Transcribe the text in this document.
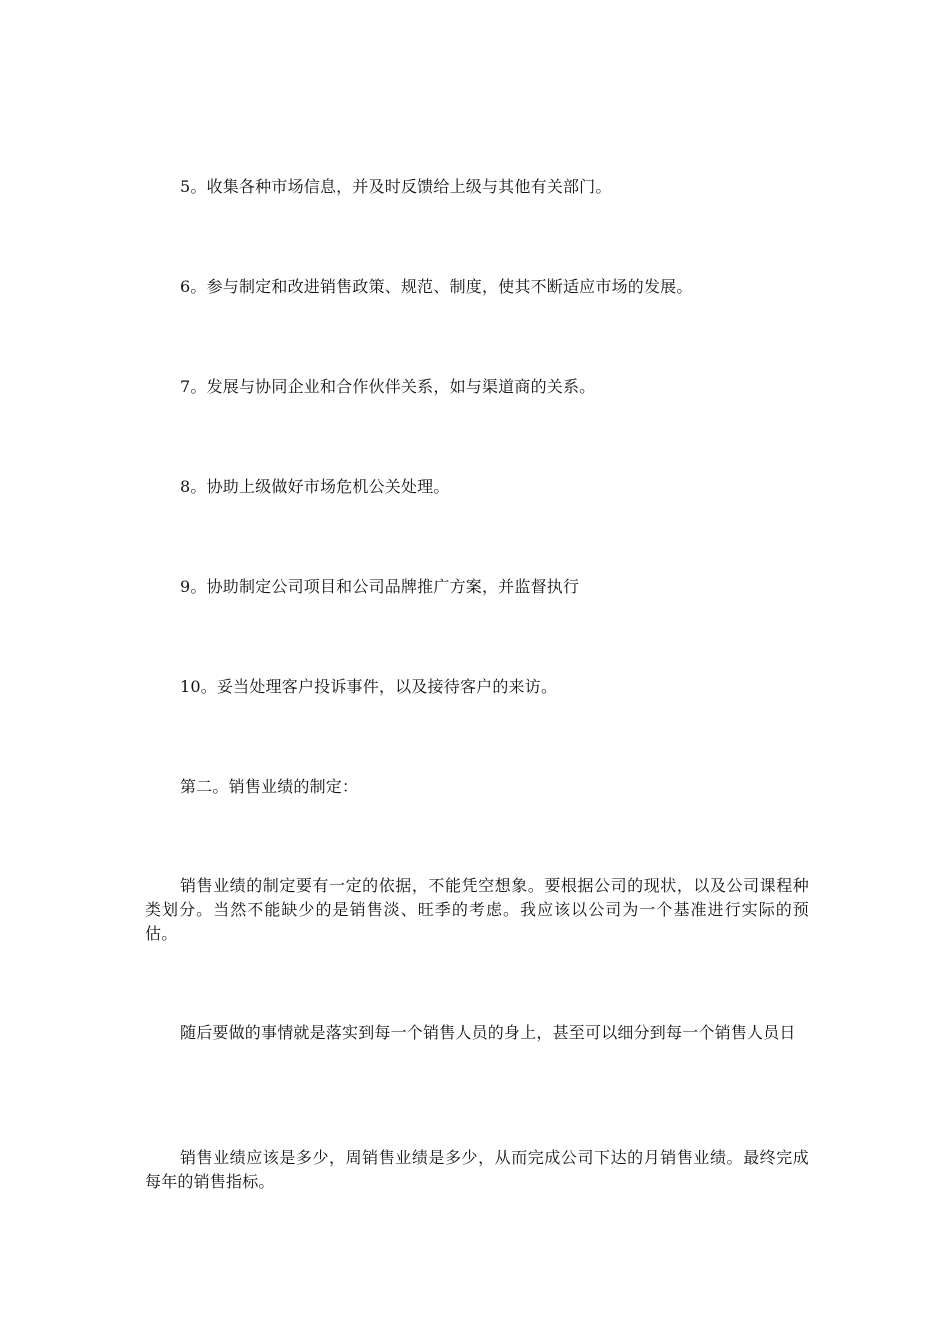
5。收集各种市场信息，并及时反馈给上级与其他有关部门。

6。参与制定和改进销售政策、规范、制度，使其不断适应市场的发展。

7。发展与协同企业和合作伙伴关系，如与渠道商的关系。

8。协助上级做好市场危机公关处理。

9。协助制定公司项目和公司品牌推广方案，并监督执行

10。妥当处理客户投诉事件，以及接待客户的来访。

第二。销售业绩的制定：

销售业绩的制定要有一定的依据，不能凭空想象。要根据公司的现状，以及公司课程种类划分。当然不能缺少的是销售淡、旺季的考虑。我应该以公司为一个基准进行实际的预估。

随后要做的事情就是落实到每一个销售人员的身上，甚至可以细分到每一个销售人员日

销售业绩应该是多少，周销售业绩是多少，从而完成公司下达的月销售业绩。最终完成每年的销售指标。
